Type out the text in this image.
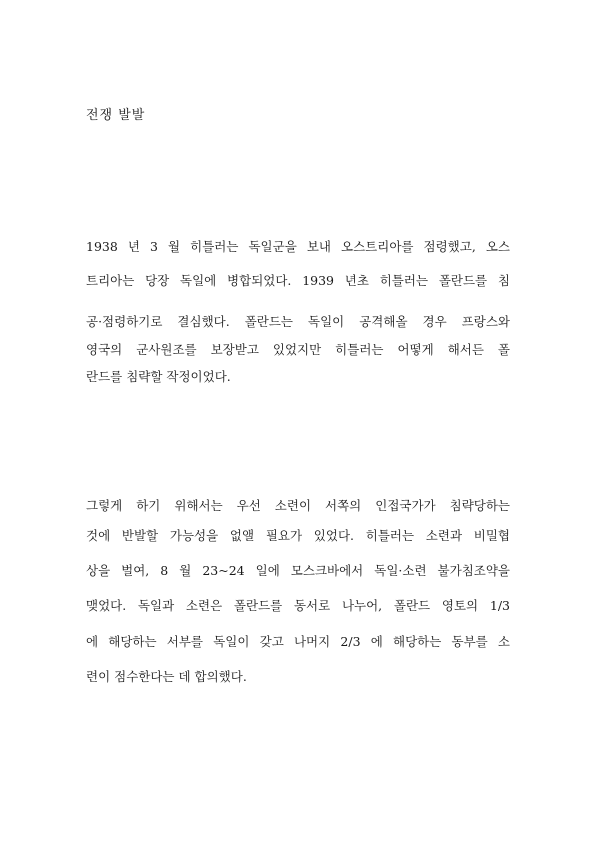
전쟁 발발
1938 년 3 월 히틀러는 독일군을 보내 오스트리아를 점령했고, 오스
트리아는 당장 독일에 병합되었다. 1939 년초 히틀러는 폴란드를 침
공·점령하기로 결심했다. 폴란드는 독일이 공격해올 경우 프랑스와
영국의 군사원조를 보장받고 있었지만 히틀러는 어떻게 해서든 폴
란드를 침략할 작정이었다.
그렇게 하기 위해서는 우선 소련이 서쪽의 인접국가가 침략당하는
것에 반발할 가능성을 없앨 필요가 있었다. 히틀러는 소련과 비밀협
상을 벌여, 8 월 23~24 일에 모스크바에서 독일·소련 불가침조약을
맺었다. 독일과 소련은 폴란드를 동서로 나누어, 폴란드 영토의 1/3
에 해당하는 서부를 독일이 갖고 나머지 2/3 에 해당하는 동부를 소
련이 점수한다는 데 합의했다.
